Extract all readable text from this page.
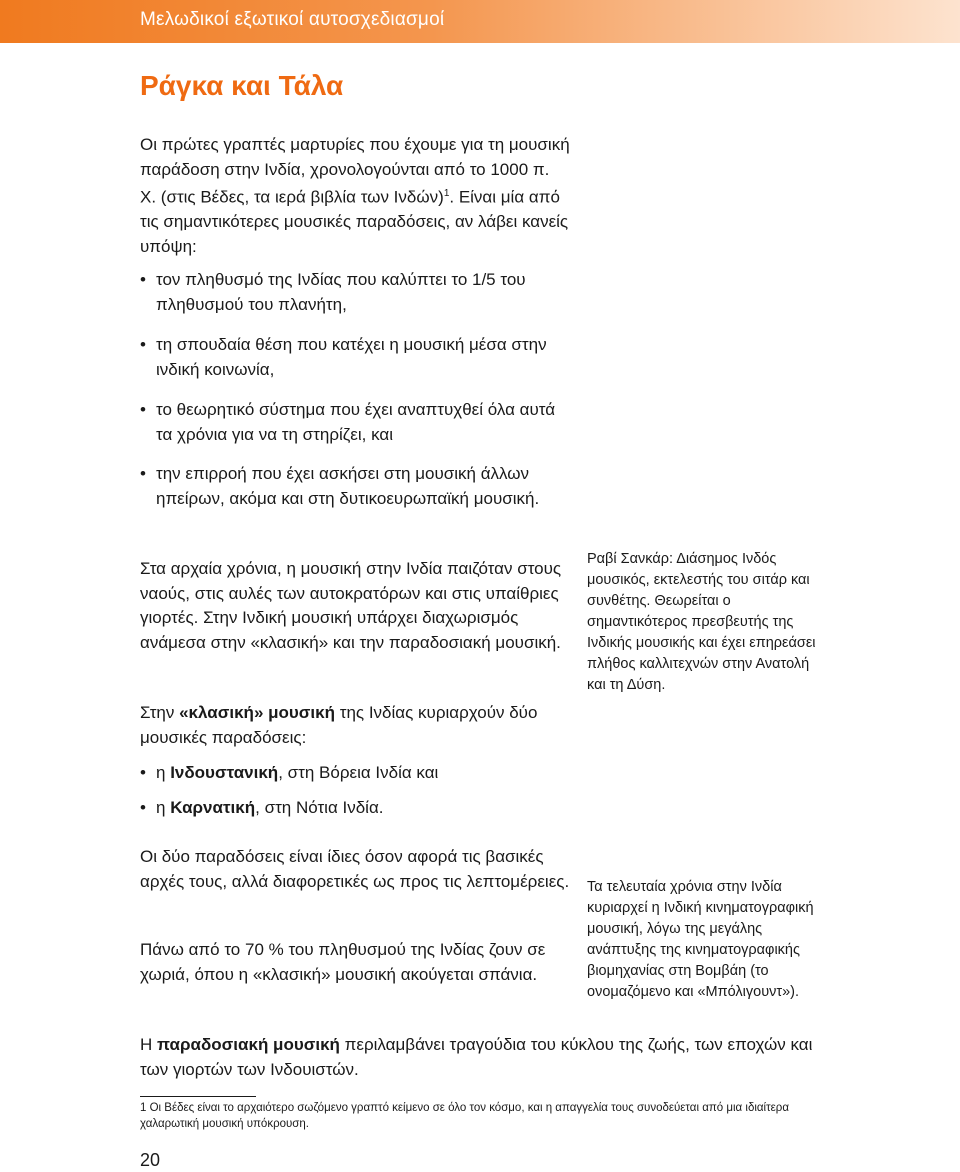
Μελωδικοί εξωτικοί αυτοσχεδιασμοί
Ράγκα και Τάλα

Οι πρώτες γραπτές μαρτυρίες που έχουμε για τη μουσική παράδοση στην Ινδία, χρονολογούνται από το 1000 π. Χ. (στις Βέδες, τα ιερά βιβλία των Ινδών)$^1$. Είναι μία από τις σημαντικότερες μουσικές παραδόσεις, αν λάβει κανείς υπόψη:

• τον πληθυσμό της Ινδίας που καλύπτει το 1/5 του πληθυσμού του πλανήτη,
• τη σπουδαία θέση που κατέχει η μουσική μέσα στην ινδική κοινωνία,
• το θεωρητικό σύστημα που έχει αναπτυχθεί όλα αυτά τα χρόνια για να τη στηρίζει, και
• την επιρροή που έχει ασκήσει στη μουσική άλλων ηπείρων, ακόμα και στη δυτικοευρωπαϊκή μουσική.

Στα αρχαία χρόνια, η μουσική στην Ινδία παιζόταν στους ναούς, στις αυλές των αυτοκρατόρων και στις υπαίθριες γιορτές. Στην Ινδική μουσική υπάρχει διαχωρισμός ανάμεσα στην «κλασική» και την παραδοσιακή μουσική.

Στην «κλασική» μουσική της Ινδίας κυριαρχούν δύο μουσικές παραδόσεις:

• η Ινδουστανική, στη Βόρεια Ινδία και
• η Καρνατική, στη Νότια Ινδία.

Οι δύο παραδόσεις είναι ίδιες όσον αφορά τις βασικές αρχές τους, αλλά διαφορετικές ως προς τις λεπτομέρειες.

Πάνω από το 70 % του πληθυσμού της Ινδίας ζουν σε χωριά, όπου η «κλασική» μουσική ακούγεται σπάνια.

Ραβί Σανκάρ: Διάσημος Ινδός μουσικός, εκτελεστής του σιτάρ και συνθέτης. Θεωρείται ο σημαντικότερος πρεσβευτής της Ινδικής μουσικής και έχει επηρεάσει πλήθος καλλιτεχνών στην Ανατολή και τη Δύση.

Τα τελευταία χρόνια στην Ινδία κυριαρχεί η Ινδική κινηματογραφική μουσική, λόγω της μεγάλης ανάπτυξης της κινηματογραφικής βιομηχανίας στη Βομβάη (το ονομαζόμενο και «Μπόλιγουντ»).

Η παραδοσιακή μουσική περιλαμβάνει τραγούδια του κύκλου της ζωής, των εποχών και των γιορτών των Ινδουιστών.

1 Οι Βέδες είναι το αρχαιότερο σωζόμενο γραπτό κείμενο σε όλο τον κόσμο, και η απαγγελία τους συνοδεύεται από μια ιδιαίτερα χαλαρωτική μουσική υπόκρουση.

20
